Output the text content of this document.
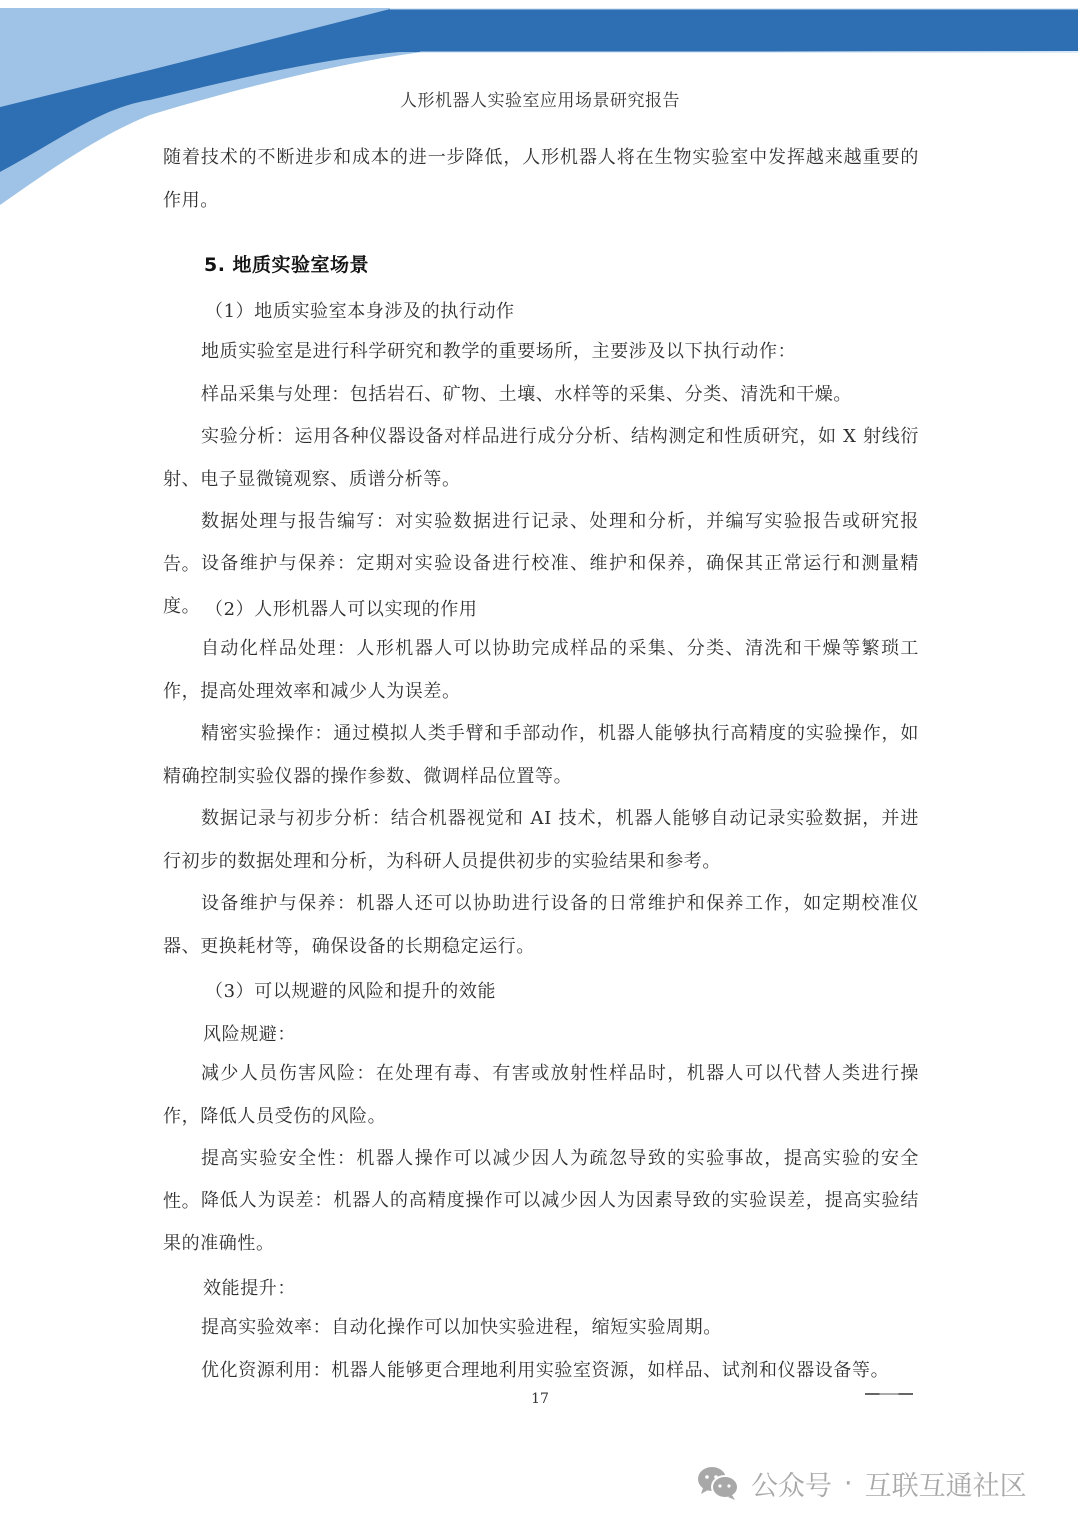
人形机器人实验室应用场景研究报告
随着技术的不断进步和成本的进一步降低，人形机器人将在生物实验室中发挥越来越重要的作用。
5. 地质实验室场景
（1）地质实验室本身涉及的执行动作
地质实验室是进行科学研究和教学的重要场所，主要涉及以下执行动作：
样品采集与处理：包括岩石、矿物、土壤、水样等的采集、分类、清洗和干燥。
实验分析：运用各种仪器设备对样品进行成分分析、结构测定和性质研究，如 X 射线衍射、电子显微镜观察、质谱分析等。
数据处理与报告编写：对实验数据进行记录、处理和分析，并编写实验报告或研究报告。 设备维护与保养：定期对实验设备进行校准、维护和保养，确保其正常运行和测量精度。 （2）人形机器人可以实现的作用
自动化样品处理：人形机器人可以协助完成样品的采集、分类、清洗和干燥等繁琐工作，提高处理效率和减少人为误差。
精密实验操作：通过模拟人类手臂和手部动作，机器人能够执行高精度的实验操作，如精确控制实验仪器的操作参数、微调样品位置等。
数据记录与初步分析：结合机器视觉和 AI 技术，机器人能够自动记录实验数据，并进行初步的数据处理和分析，为科研人员提供初步的实验结果和参考。
设备维护与保养：机器人还可以协助进行设备的日常维护和保养工作，如定期校准仪器、更换耗材等，确保设备的长期稳定运行。
（3）可以规避的风险和提升的效能
风险规避：
减少人员伤害风险：在处理有毒、有害或放射性样品时，机器人可以代替人类进行操作，降低人员受伤的风险。
提高实验安全性：机器人操作可以减少因人为疏忽导致的实验事故，提高实验的安全性。 降低人为误差：机器人的高精度操作可以减少因人为因素导致的实验误差，提高实验结果的准确性。
效能提升：
提高实验效率：自动化操作可以加快实验进程，缩短实验周期。
优化资源利用：机器人能够更合理地利用实验室资源，如样品、试剂和仪器设备等。
17
公众号 · 互联互通社区
